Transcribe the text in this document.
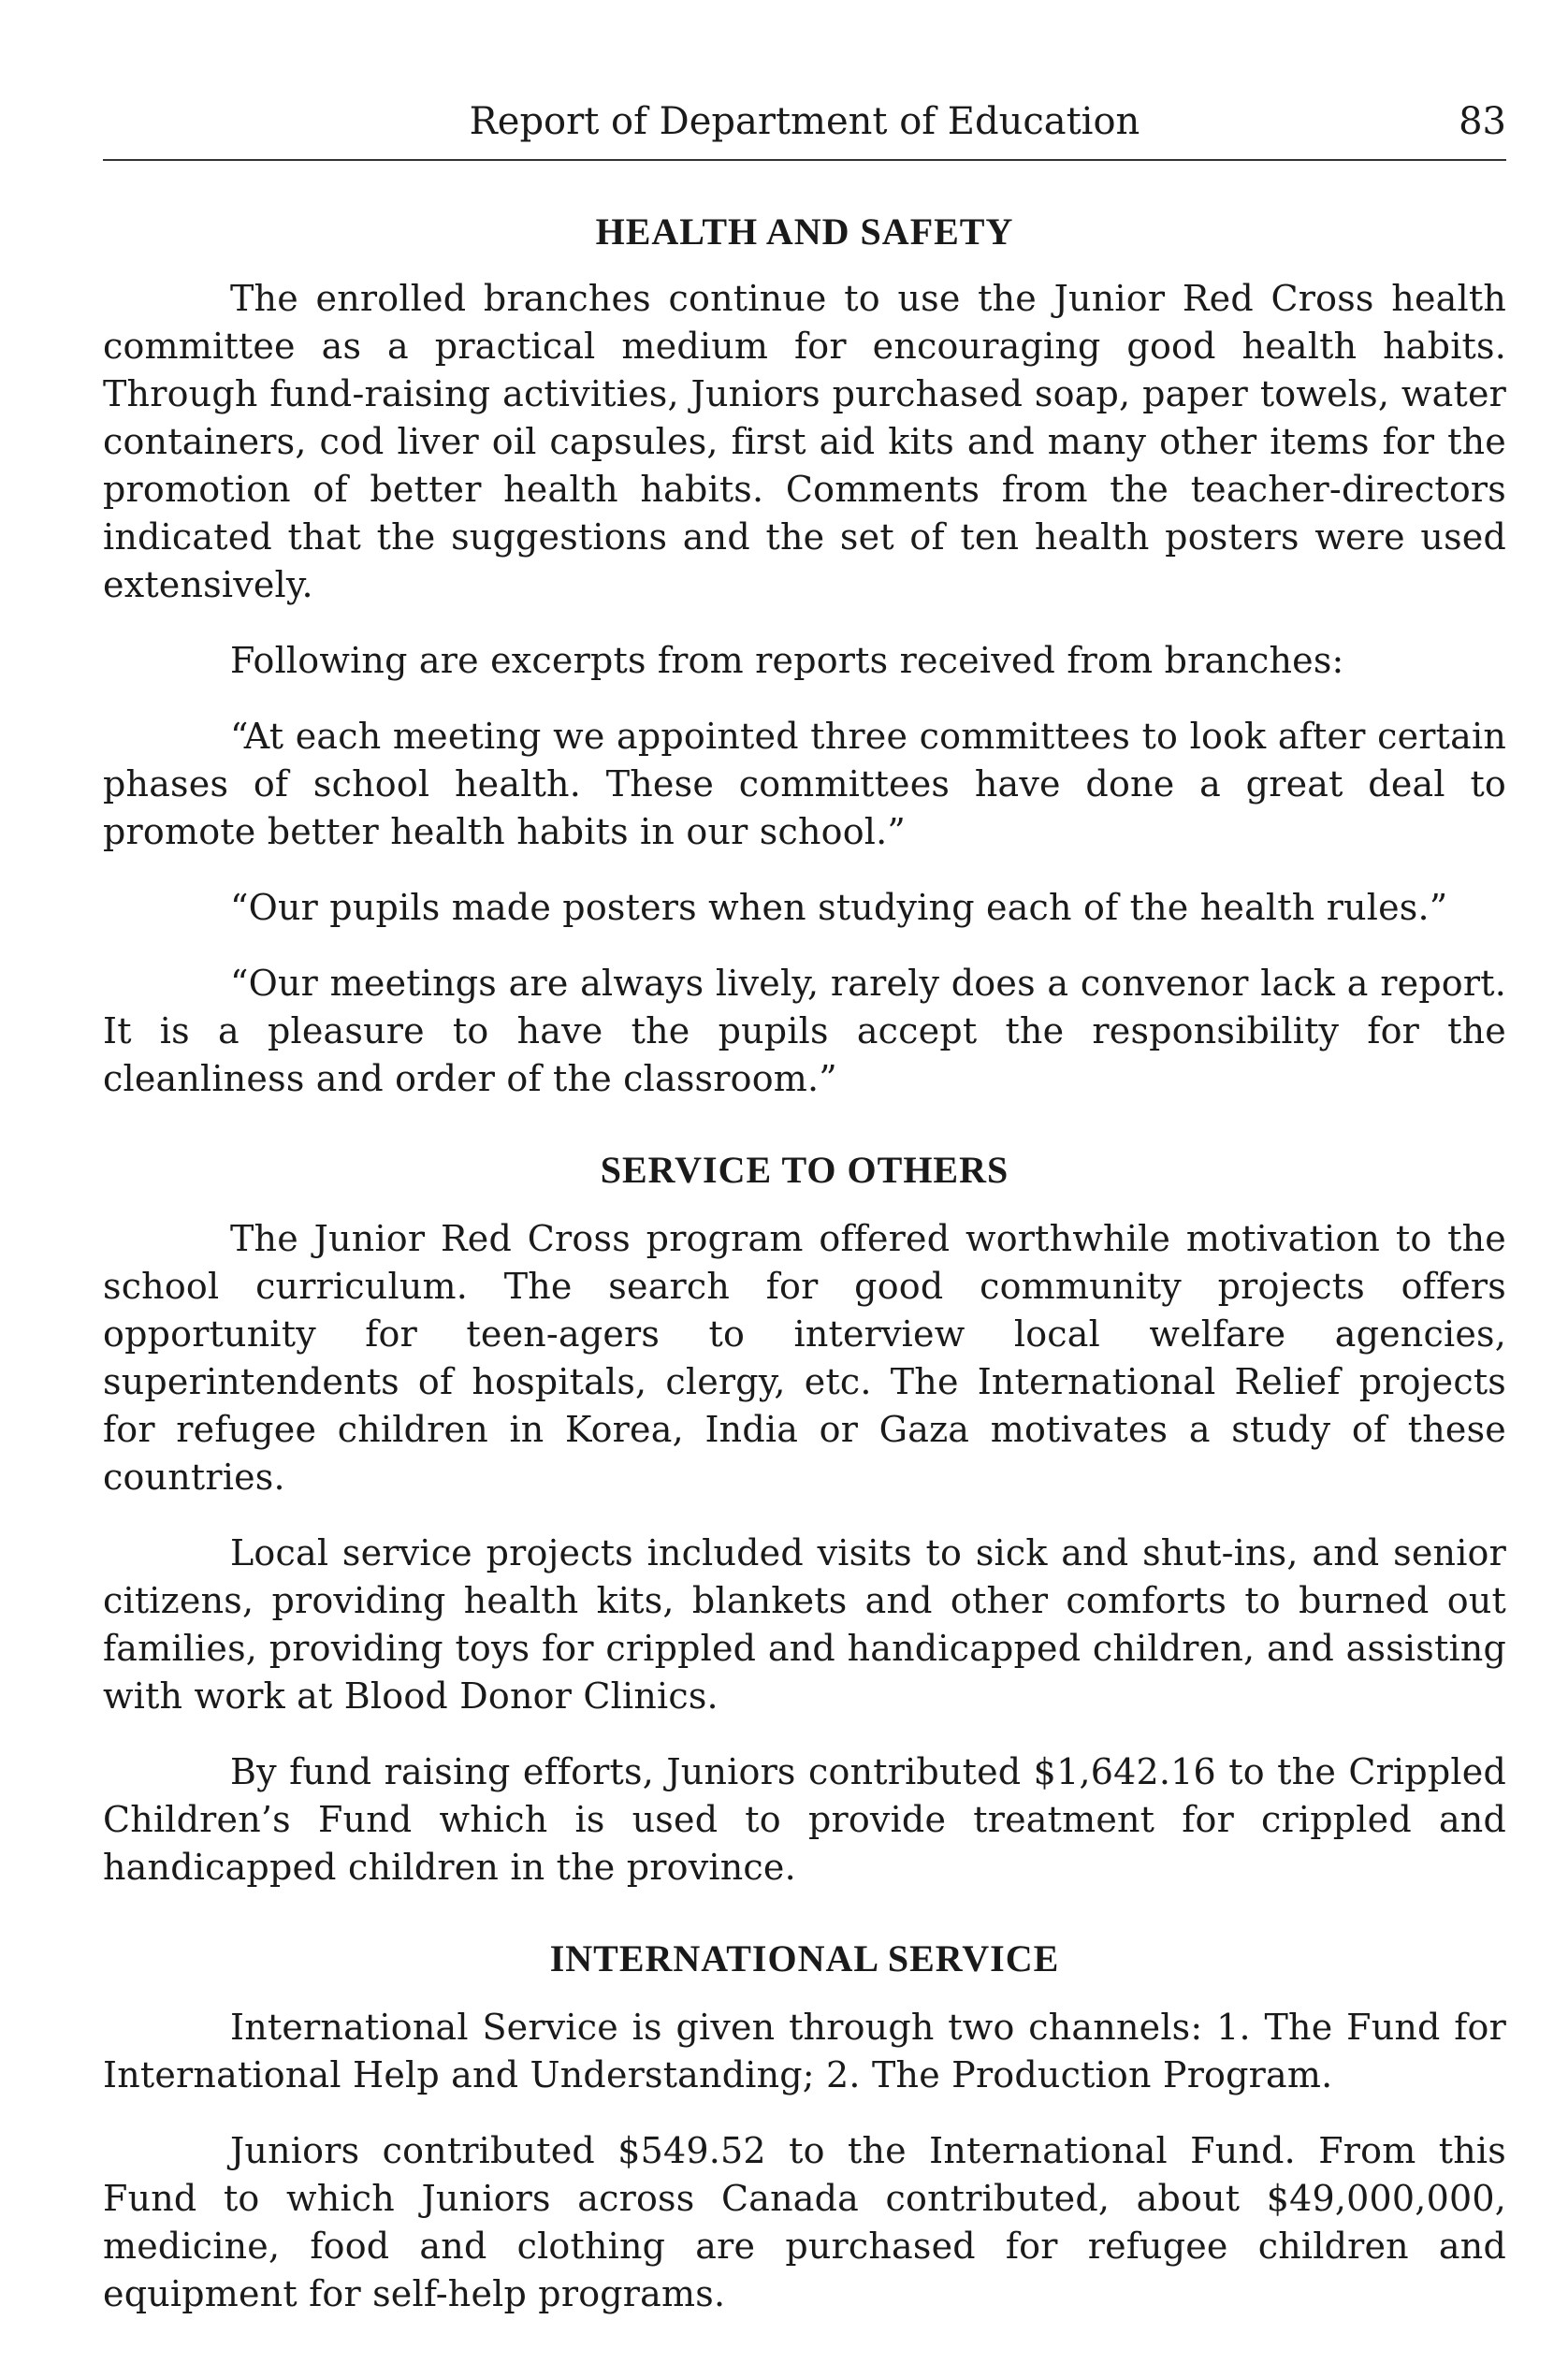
Report of Department of Education	83
HEALTH AND SAFETY

The enrolled branches continue to use the Junior Red Cross health committee as a practical medium for encouraging good health habits. Through fund-raising activities, Juniors purchased soap, paper towels, water containers, cod liver oil capsules, first aid kits and many other items for the promotion of better health habits. Comments from the teacher-directors indicated that the suggestions and the set of ten health posters were used extensively.

Following are excerpts from reports received from branches:

“At each meeting we appointed three committees to look after certain phases of school health. These committees have done a great deal to promote better health habits in our school.”

“Our pupils made posters when studying each of the health rules.”

“Our meetings are always lively, rarely does a convenor lack a report. It is a pleasure to have the pupils accept the responsibility for the cleanliness and order of the classroom.”

SERVICE TO OTHERS

The Junior Red Cross program offered worthwhile motivation to the school curriculum. The search for good community projects offers opportunity for teen-agers to interview local welfare agencies, superintendents of hospitals, clergy, etc. The International Relief projects for refugee children in Korea, India or Gaza motivates a study of these countries.

Local service projects included visits to sick and shut-ins, and senior citizens, providing health kits, blankets and other comforts to burned out families, providing toys for crippled and handicapped children, and assisting with work at Blood Donor Clinics.

By fund raising efforts, Juniors contributed $1,642.16 to the Crippled Children’s Fund which is used to provide treatment for crippled and handicapped children in the province.

INTERNATIONAL SERVICE

International Service is given through two channels: 1. The Fund for International Help and Understanding; 2. The Production Program.

Juniors contributed $549.52 to the International Fund. From this Fund to which Juniors across Canada contributed, about $49,000,000, medicine, food and clothing are purchased for refugee children and equipment for self-help programs.
